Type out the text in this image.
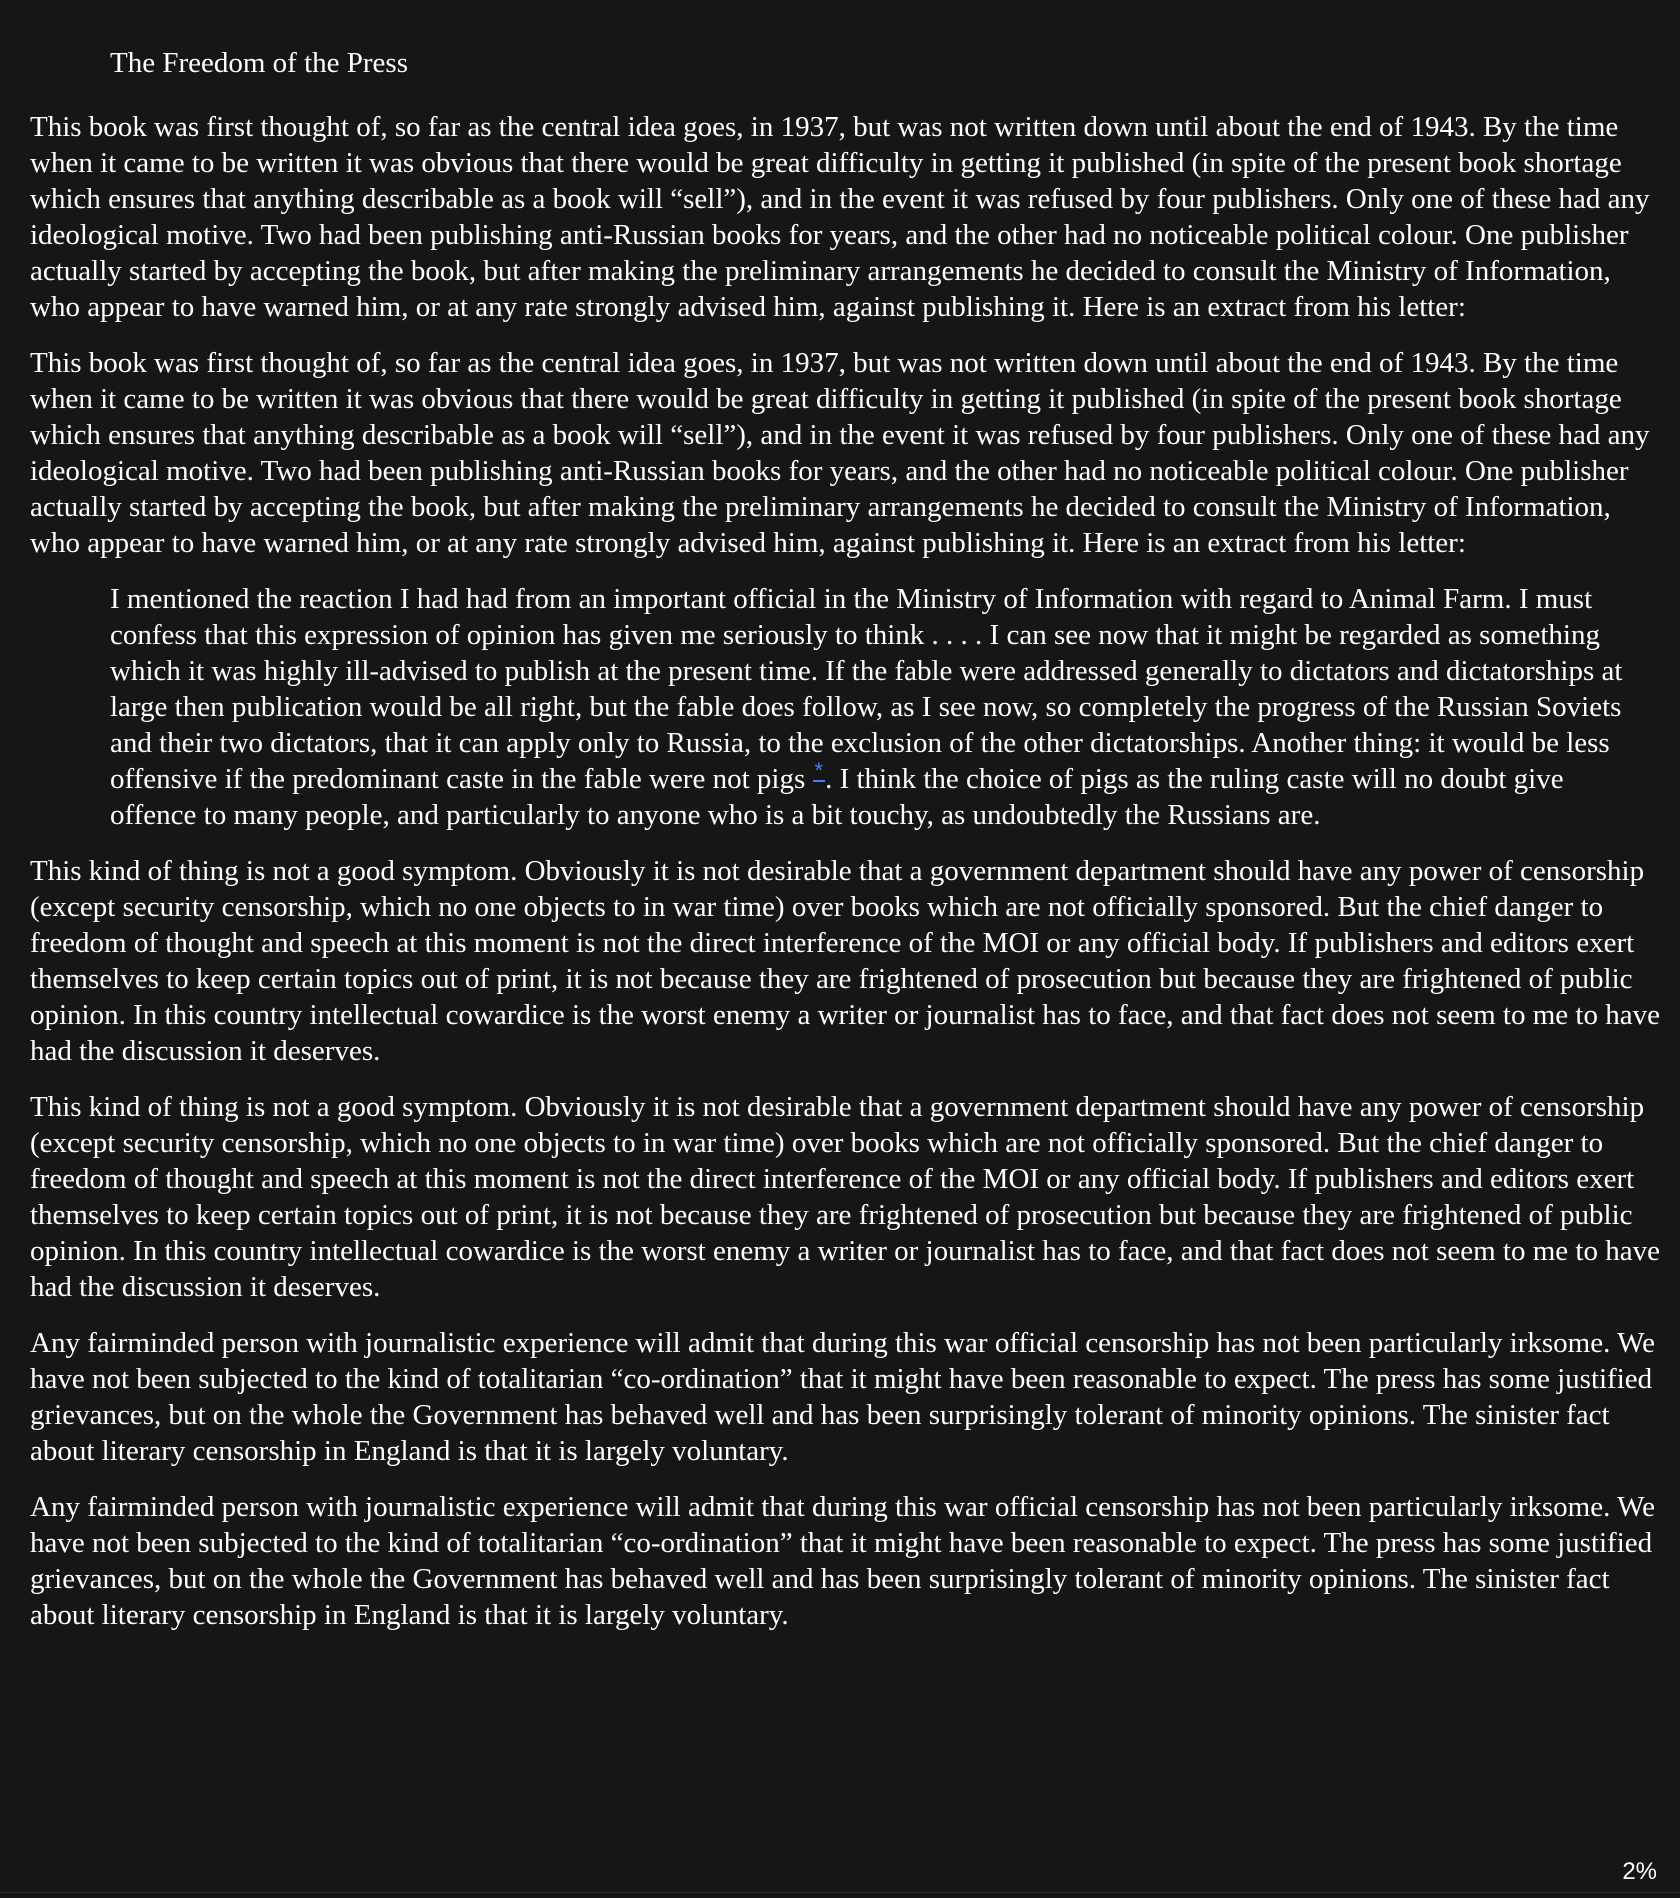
The Freedom of the Press

This book was first thought of, so far as the central idea goes, in 1937, but was not written down until about the end of 1943. By the time when it came to be written it was obvious that there would be great difficulty in getting it published (in spite of the present book shortage which ensures that anything describable as a book will “sell”), and in the event it was refused by four publishers. Only one of these had any ideological motive. Two had been publishing anti-Russian books for years, and the other had no noticeable political colour. One publisher actually started by accepting the book, but after making the preliminary arrangements he decided to consult the Ministry of Information, who appear to have warned him, or at any rate strongly advised him, against publishing it. Here is an extract from his letter:

This book was first thought of, so far as the central idea goes, in 1937, but was not written down until about the end of 1943. By the time when it came to be written it was obvious that there would be great difficulty in getting it published (in spite of the present book shortage which ensures that anything describable as a book will “sell”), and in the event it was refused by four publishers. Only one of these had any ideological motive. Two had been publishing anti-Russian books for years, and the other had no noticeable political colour. One publisher actually started by accepting the book, but after making the preliminary arrangements he decided to consult the Ministry of Information, who appear to have warned him, or at any rate strongly advised him, against publishing it. Here is an extract from his letter:

I mentioned the reaction I had had from an important official in the Ministry of Information with regard to Animal Farm. I must confess that this expression of opinion has given me seriously to think . . . . I can see now that it might be regarded as something which it was highly ill-advised to publish at the present time. If the fable were addressed generally to dictators and dictatorships at large then publication would be all right, but the fable does follow, as I see now, so completely the progress of the Russian Soviets and their two dictators, that it can apply only to Russia, to the exclusion of the other dictatorships. Another thing: it would be less offensive if the predominant caste in the fable were not pigs *. I think the choice of pigs as the ruling caste will no doubt give offence to many people, and particularly to anyone who is a bit touchy, as undoubtedly the Russians are.

This kind of thing is not a good symptom. Obviously it is not desirable that a government department should have any power of censorship (except security censorship, which no one objects to in war time) over books which are not officially sponsored. But the chief danger to freedom of thought and speech at this moment is not the direct interference of the MOI or any official body. If publishers and editors exert themselves to keep certain topics out of print, it is not because they are frightened of prosecution but because they are frightened of public opinion. In this country intellectual cowardice is the worst enemy a writer or journalist has to face, and that fact does not seem to me to have had the discussion it deserves.

This kind of thing is not a good symptom. Obviously it is not desirable that a government department should have any power of censorship (except security censorship, which no one objects to in war time) over books which are not officially sponsored. But the chief danger to freedom of thought and speech at this moment is not the direct interference of the MOI or any official body. If publishers and editors exert themselves to keep certain topics out of print, it is not because they are frightened of prosecution but because they are frightened of public opinion. In this country intellectual cowardice is the worst enemy a writer or journalist has to face, and that fact does not seem to me to have had the discussion it deserves.

Any fairminded person with journalistic experience will admit that during this war official censorship has not been particularly irksome. We have not been subjected to the kind of totalitarian “co-ordination” that it might have been reasonable to expect. The press has some justified grievances, but on the whole the Government has behaved well and has been surprisingly tolerant of minority opinions. The sinister fact about literary censorship in England is that it is largely voluntary.

Any fairminded person with journalistic experience will admit that during this war official censorship has not been particularly irksome. We have not been subjected to the kind of totalitarian “co-ordination” that it might have been reasonable to expect. The press has some justified grievances, but on the whole the Government has behaved well and has been surprisingly tolerant of minority opinions. The sinister fact about literary censorship in England is that it is largely voluntary.

2%
